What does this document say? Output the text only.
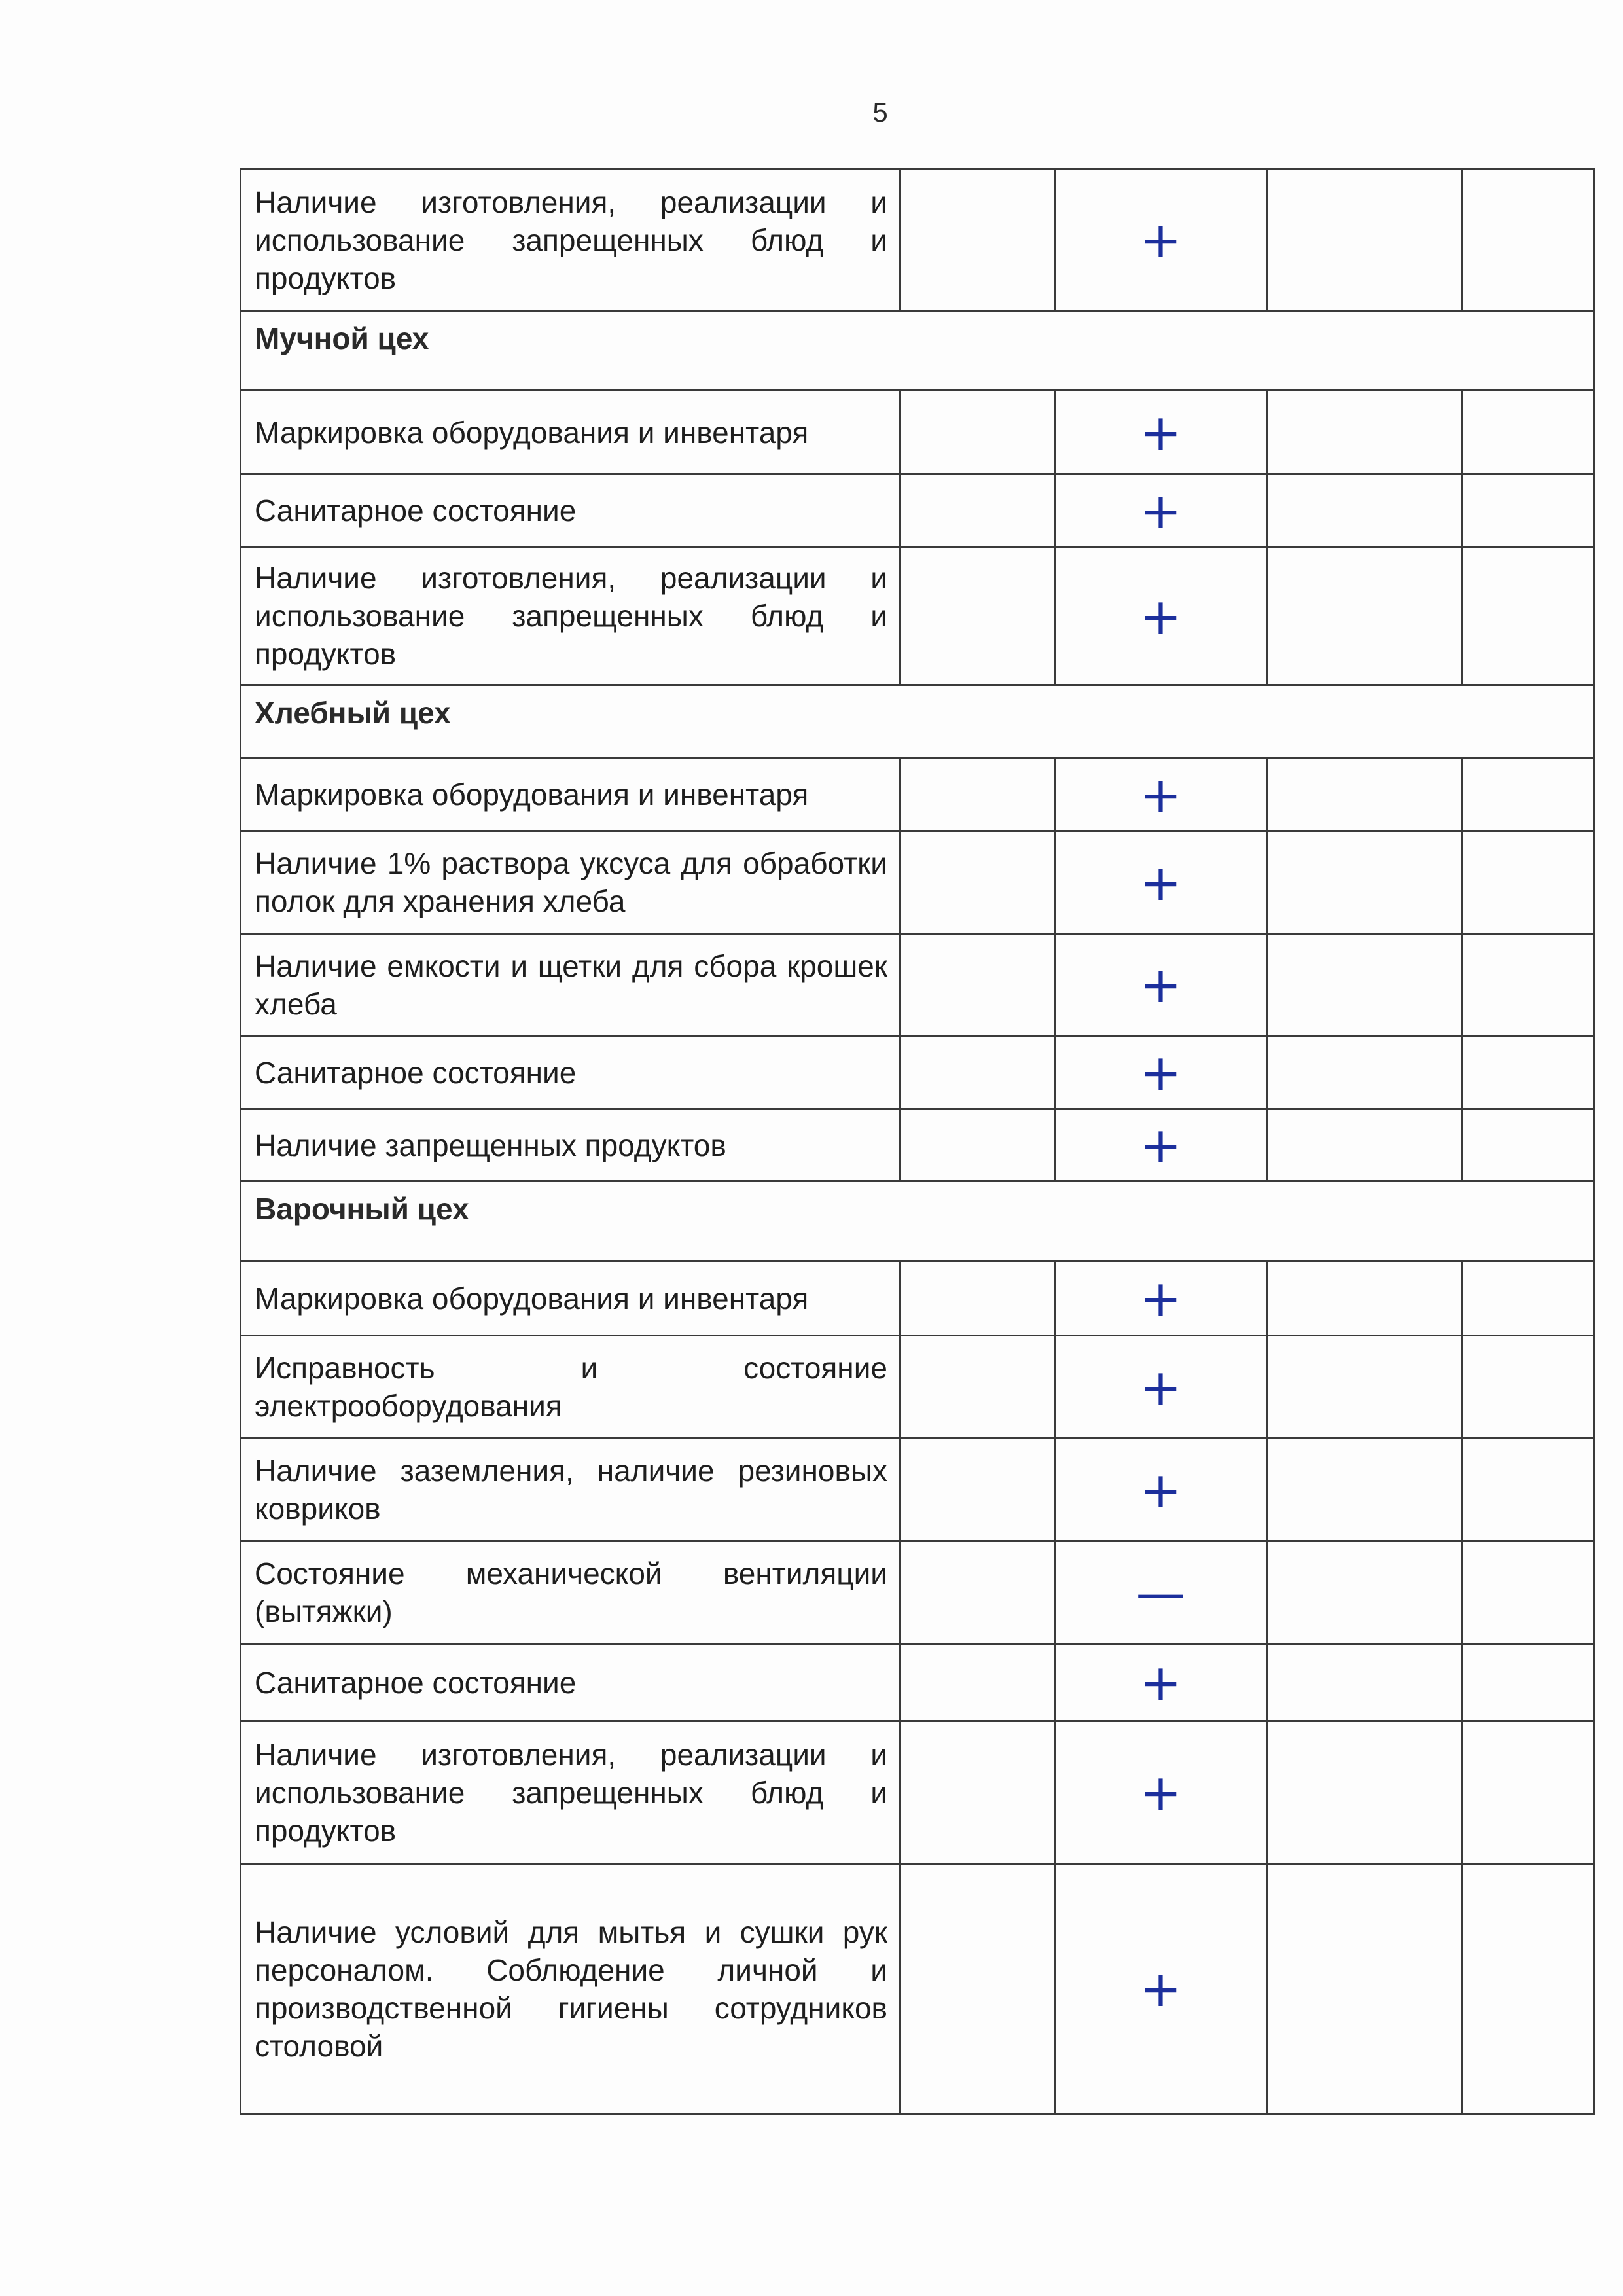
5
Наличие изготовления, реализации и использование запрещенных блюд и продуктов		+		
Мучной цех				
Маркировка оборудования и инвентаря		+		
Санитарное состояние		+		
Наличие изготовления, реализации и использование запрещенных блюд и продуктов		+		
Хлебный цех				
Маркировка оборудования и инвентаря		+		
Наличие 1% раствора уксуса для обработки полок для хранения хлеба		+		
Наличие емкости и щетки для сбора крошек хлеба		+		
Санитарное состояние		+		
Наличие запрещенных продуктов		+		
Варочный цех				
Маркировка оборудования и инвентаря		+		
Исправность и состояние электрооборудования		+		
Наличие заземления, наличие резиновых ковриков		+		
Состояние механической вентиляции (вытяжки)		—		
Санитарное состояние		+		
Наличие изготовления, реализации и использование запрещенных блюд и продуктов		+		
Наличие условий для мытья и сушки рук персоналом. Соблюдение личной и производственной гигиены сотрудников столовой		+		
